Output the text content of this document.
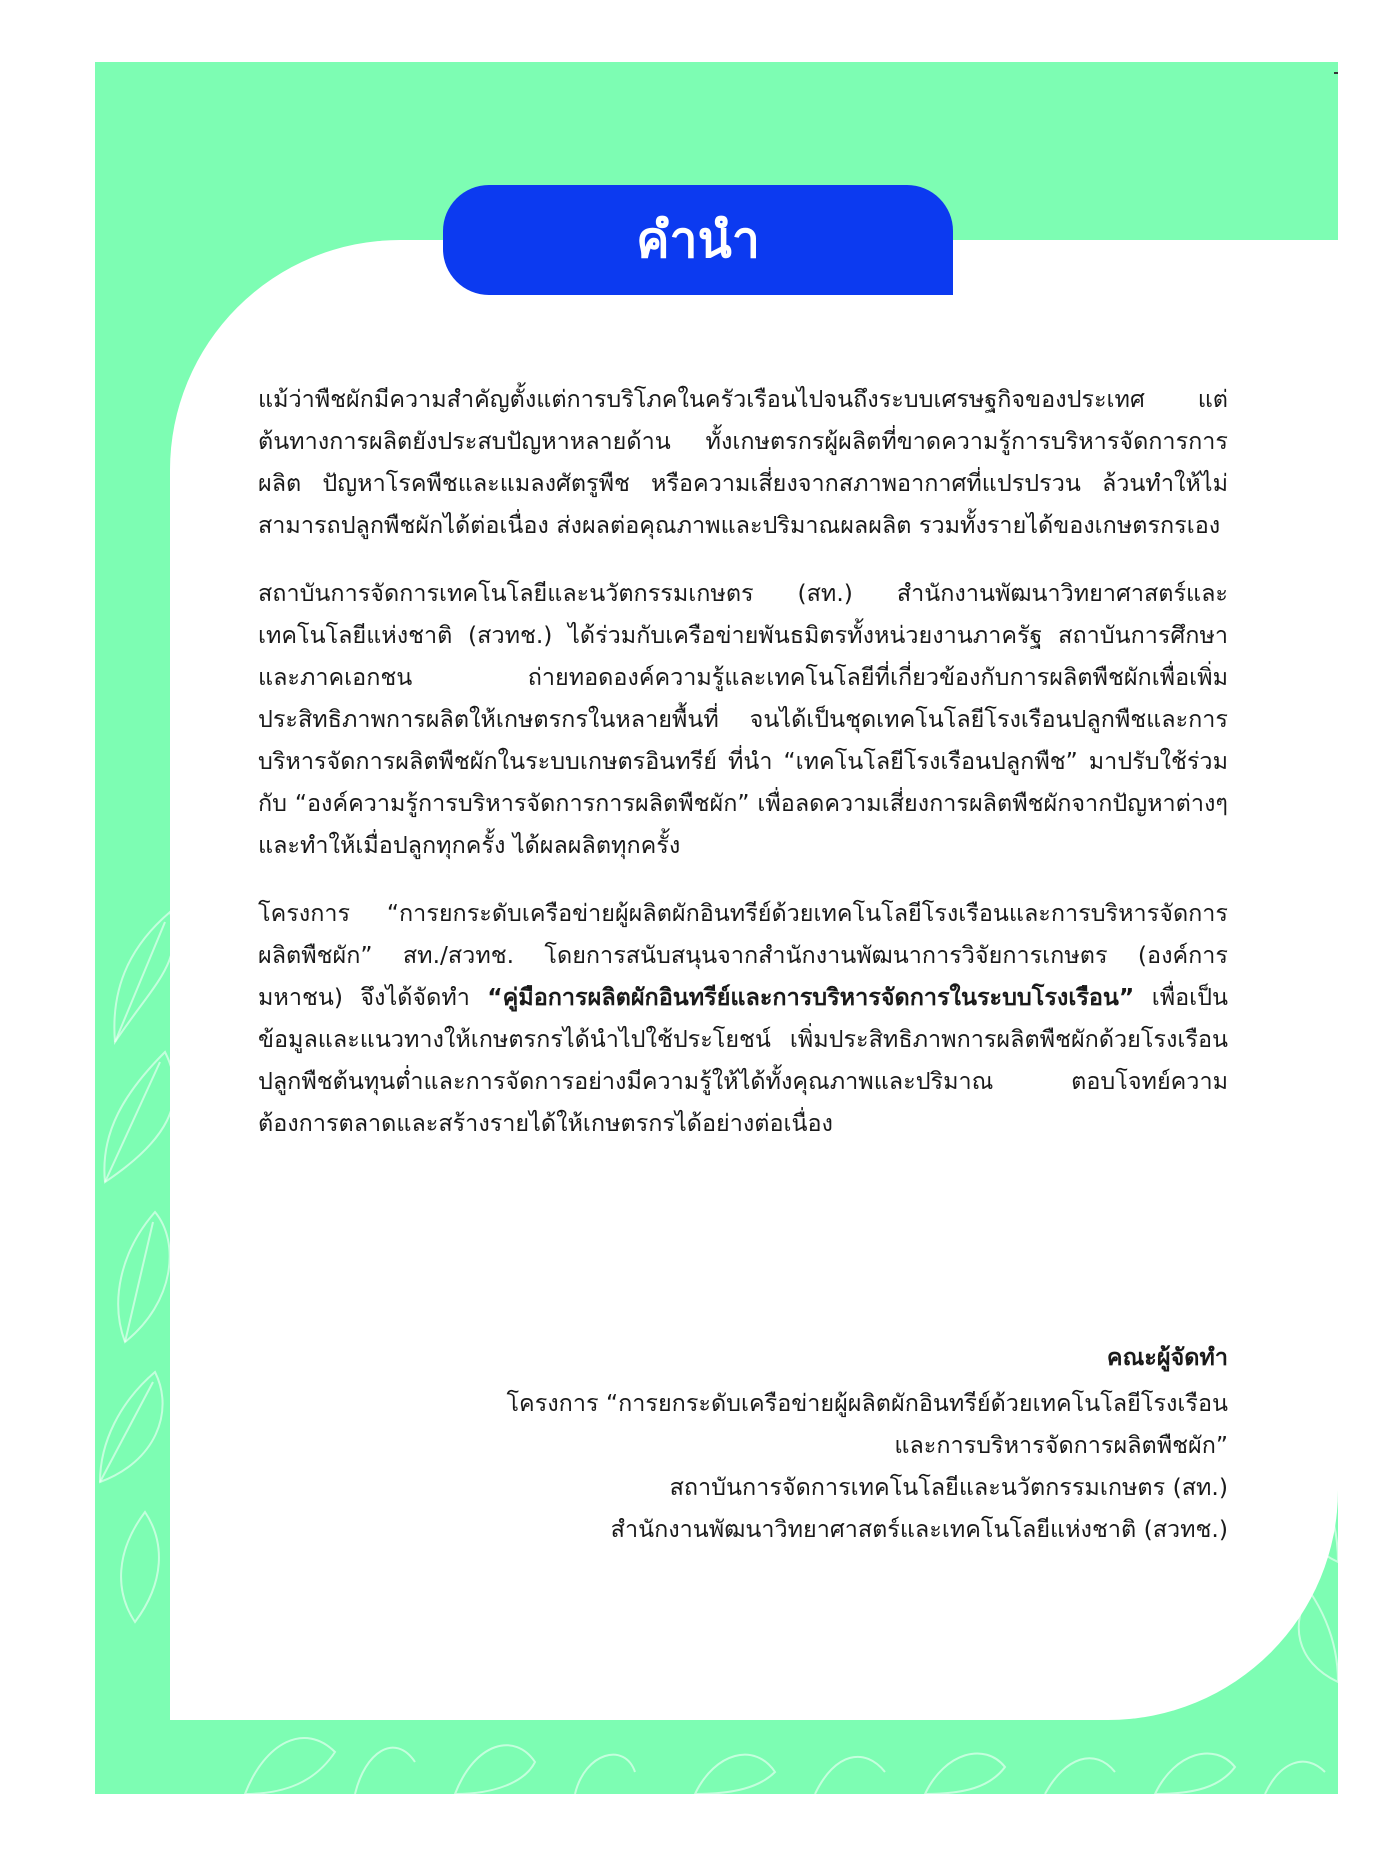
คำนำ

แม้ว่าพืชผักมีความสำคัญตั้งแต่การบริโภคในครัวเรือนไปจนถึงระบบเศรษฐกิจของประเทศ แต่ต้นทางการผลิตยังประสบปัญหาหลายด้าน ทั้งเกษตรกรผู้ผลิตที่ขาดความรู้การบริหารจัดการการผลิต ปัญหาโรคพืชและแมลงศัตรูพืช หรือความเสี่ยงจากสภาพอากาศที่แปรปรวน ล้วนทำให้ไม่สามารถปลูกพืชผักได้ต่อเนื่อง ส่งผลต่อคุณภาพและปริมาณผลผลิต รวมทั้งรายได้ของเกษตรกรเอง

สถาบันการจัดการเทคโนโลยีและนวัตกรรมเกษตร (สท.) สำนักงานพัฒนาวิทยาศาสตร์และเทคโนโลยีแห่งชาติ (สวทช.) ได้ร่วมกับเครือข่ายพันธมิตรทั้งหน่วยงานภาครัฐ สถาบันการศึกษาและภาคเอกชน ถ่ายทอดองค์ความรู้และเทคโนโลยีที่เกี่ยวข้องกับการผลิตพืชผักเพื่อเพิ่มประสิทธิภาพการผลิตให้เกษตรกรในหลายพื้นที่ จนได้เป็นชุดเทคโนโลยีโรงเรือนปลูกพืชและการบริหารจัดการผลิตพืชผักในระบบเกษตรอินทรีย์ ที่นำ “เทคโนโลยีโรงเรือนปลูกพืช” มาปรับใช้ร่วมกับ “องค์ความรู้การบริหารจัดการการผลิตพืชผัก” เพื่อลดความเสี่ยงการผลิตพืชผักจากปัญหาต่างๆ และทำให้เมื่อปลูกทุกครั้ง ได้ผลผลิตทุกครั้ง

โครงการ “การยกระดับเครือข่ายผู้ผลิตผักอินทรีย์ด้วยเทคโนโลยีโรงเรือนและการบริหารจัดการผลิตพืชผัก” สท./สวทช. โดยการสนับสนุนจากสำนักงานพัฒนาการวิจัยการเกษตร (องค์การมหาชน) จึงได้จัดทำ “คู่มือการผลิตผักอินทรีย์และการบริหารจัดการในระบบโรงเรือน” เพื่อเป็นข้อมูลและแนวทางให้เกษตรกรได้นำไปใช้ประโยชน์ เพิ่มประสิทธิภาพการผลิตพืชผักด้วยโรงเรือนปลูกพืชต้นทุนต่ำและการจัดการอย่างมีความรู้ให้ได้ทั้งคุณภาพและปริมาณ ตอบโจทย์ความต้องการตลาดและสร้างรายได้ให้เกษตรกรได้อย่างต่อเนื่อง

คณะผู้จัดทำ
โครงการ “การยกระดับเครือข่ายผู้ผลิตผักอินทรีย์ด้วยเทคโนโลยีโรงเรือน
และการบริหารจัดการผลิตพืชผัก”
สถาบันการจัดการเทคโนโลยีและนวัตกรรมเกษตร (สท.)
สำนักงานพัฒนาวิทยาศาสตร์และเทคโนโลยีแห่งชาติ (สวทช.)
